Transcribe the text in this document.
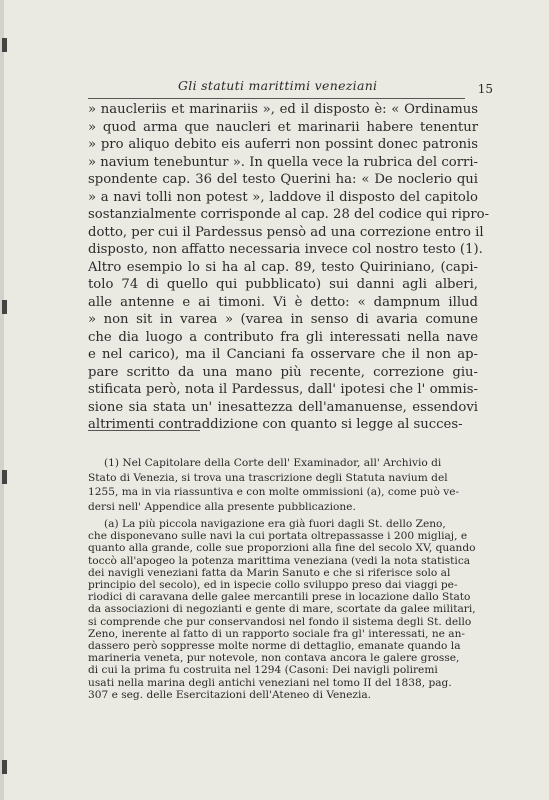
Gli statuti marittimi veneziani	15
» naucleriis et marinariis », ed il disposto è: « Ordinamus
» quod arma que naucleri et marinarii habere tenentur
» pro aliquo debito eis auferri non possint donec patronis
» navium tenebuntur ». In quella vece la rubrica del corri-
spondente cap. 36 del testo Querini ha: « De noclerio qui
» a navi tolli non potest », laddove il disposto del capitolo
sostanzialmente corrisponde al cap. 28 del codice qui ripro-
dotto, per cui il Pardessus pensò ad una correzione entro il
disposto, non affatto necessaria invece col nostro testo (1).
Altro esempio lo si ha al cap. 89, testo Quiriniano, (capi-
tolo 74 di quello qui pubblicato) sui danni agli alberi,
alle antenne e ai timoni. Vi è detto: « dampnum illud
» non sit in varea » (varea in senso di avaria comune
che dia luogo a contributo fra gli interessati nella nave
e nel carico), ma il Canciani fa osservare che il non ap-
pare scritto da una mano più recente, correzione giu-
stificata però, nota il Pardessus, dall' ipotesi che l' ommis-
sione sia stata un' inesattezza dell'amanuense, essendovi
altrimenti contraddizione con quanto si legge al succes-
(1) Nel Capitolare della Corte dell' Examinador, all' Archivio di
Stato di Venezia, si trova una trascrizione degli Statuta navium del
1255, ma in via riassuntiva e con molte ommissioni (a), come può ve-
dersi nell' Appendice alla presente pubblicazione.
(a) La più piccola navigazione era già fuori dagli St. dello Zeno,
che disponevano sulle navi la cui portata oltrepassasse i 200 migliaj, e
quanto alla grande, colle sue proporzioni alla fine del secolo XV, quando
toccò all'apogeo la potenza marittima veneziana (vedi la nota statistica
dei navigli veneziani fatta da Marin Sanuto e che si riferisce solo al
principio del secolo), ed in ispecie collo sviluppo preso dai viaggi pe-
riodici di caravana delle galee mercantili prese in locazione dallo Stato
da associazioni di negozianti e gente di mare, scortate da galee militari,
si comprende che pur conservandosi nel fondo il sistema degli St. dello
Zeno, inerente al fatto di un rapporto sociale fra gl' interessati, ne an-
dassero però soppresse molte norme di dettaglio, emanate quando la
marineria veneta, pur notevole, non contava ancora le galere grosse,
di cui la prima fu costruita nel 1294 (Casoni: Dei navigli poliremi
usati nella marina degli antichi veneziani nel tomo II del 1838, pag.
307 e seg. delle Esercitazioni dell'Ateneo di Venezia.
